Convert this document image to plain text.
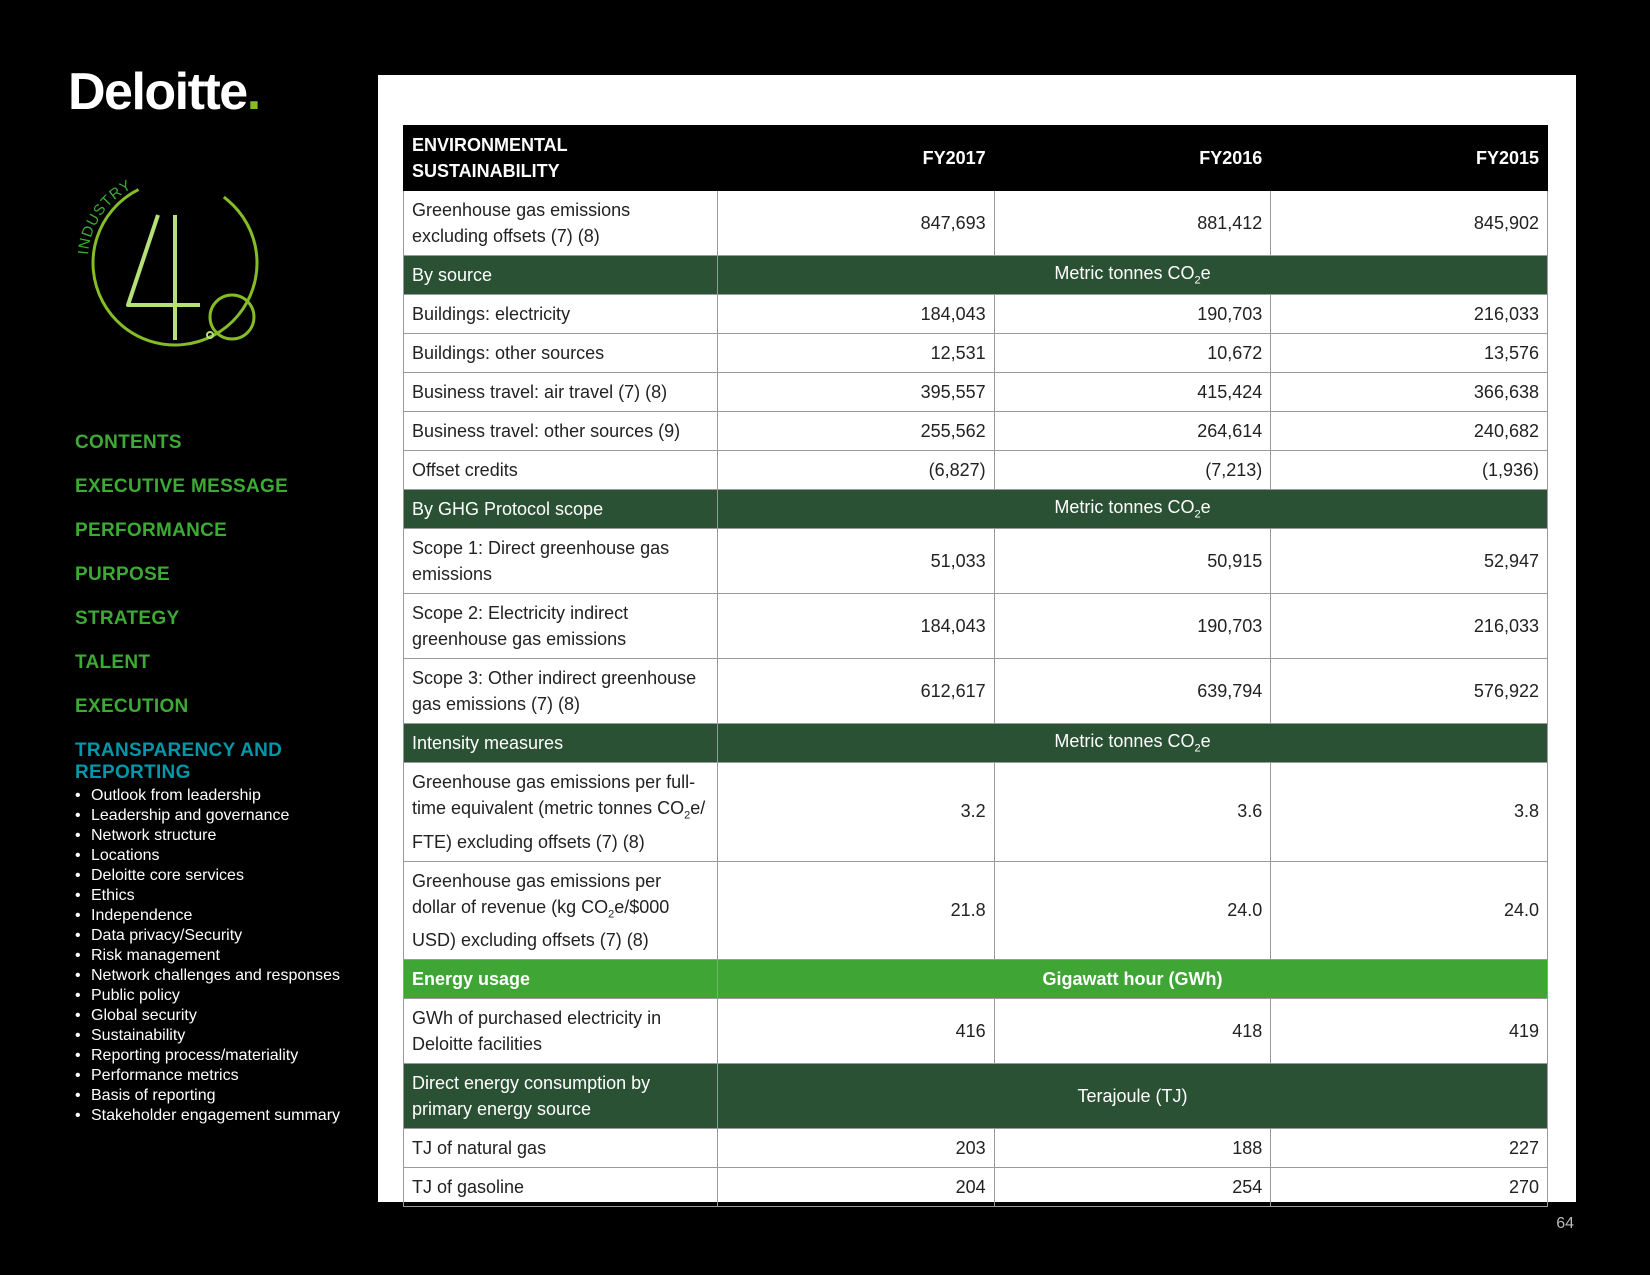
Deloitte.
INDUSTRY
CONTENTS
EXECUTIVE MESSAGE
PERFORMANCE
PURPOSE
STRATEGY
TALENT
EXECUTION
TRANSPARENCY AND REPORTING
• Outlook from leadership
• Leadership and governance
• Network structure
• Locations
• Deloitte core services
• Ethics
• Independence
• Data privacy/Security
• Risk management
• Network challenges and responses
• Public policy
• Global security
• Sustainability
• Reporting process/materiality
• Performance metrics
• Basis of reporting
• Stakeholder engagement summary
ENVIRONMENTAL SUSTAINABILITY	FY2017	FY2016	FY2015
Greenhouse gas emissions excluding offsets (7) (8)	847,693	881,412	845,902
By source	Metric tonnes $CO_2e$		
Buildings: electricity	184,043	190,703	216,033
Buildings: other sources	12,531	10,672	13,576
Business travel: air travel (7) (8)	395,557	415,424	366,638
Business travel: other sources (9)	255,562	264,614	240,682
Offset credits	(6,827)	(7,213)	(1,936)
By GHG Protocol scope	Metric tonnes $CO_2e$		
Scope 1: Direct greenhouse gas emissions	51,033	50,915	52,947
Scope 2: Electricity indirect greenhouse gas emissions	184,043	190,703	216,033
Scope 3: Other indirect greenhouse gas emissions (7) (8)	612,617	639,794	576,922
Intensity measures	Metric tonnes $CO_2e$		
Greenhouse gas emissions per full-time equivalent (metric tonnes $CO_2e/$ FTE) excluding offsets (7) (8)	3.2	3.6	3.8
Greenhouse gas emissions per dollar of revenue (kg $CO_2e/\$000$ USD) excluding offsets (7) (8)	21.8	24.0	24.0
Energy usage	Gigawatt hour (GWh)		
GWh of purchased electricity in Deloitte facilities	416	418	419
Direct energy consumption by primary energy source	Terajoule (TJ)		
TJ of natural gas	203	188	227
TJ of gasoline	204	254	270
64
